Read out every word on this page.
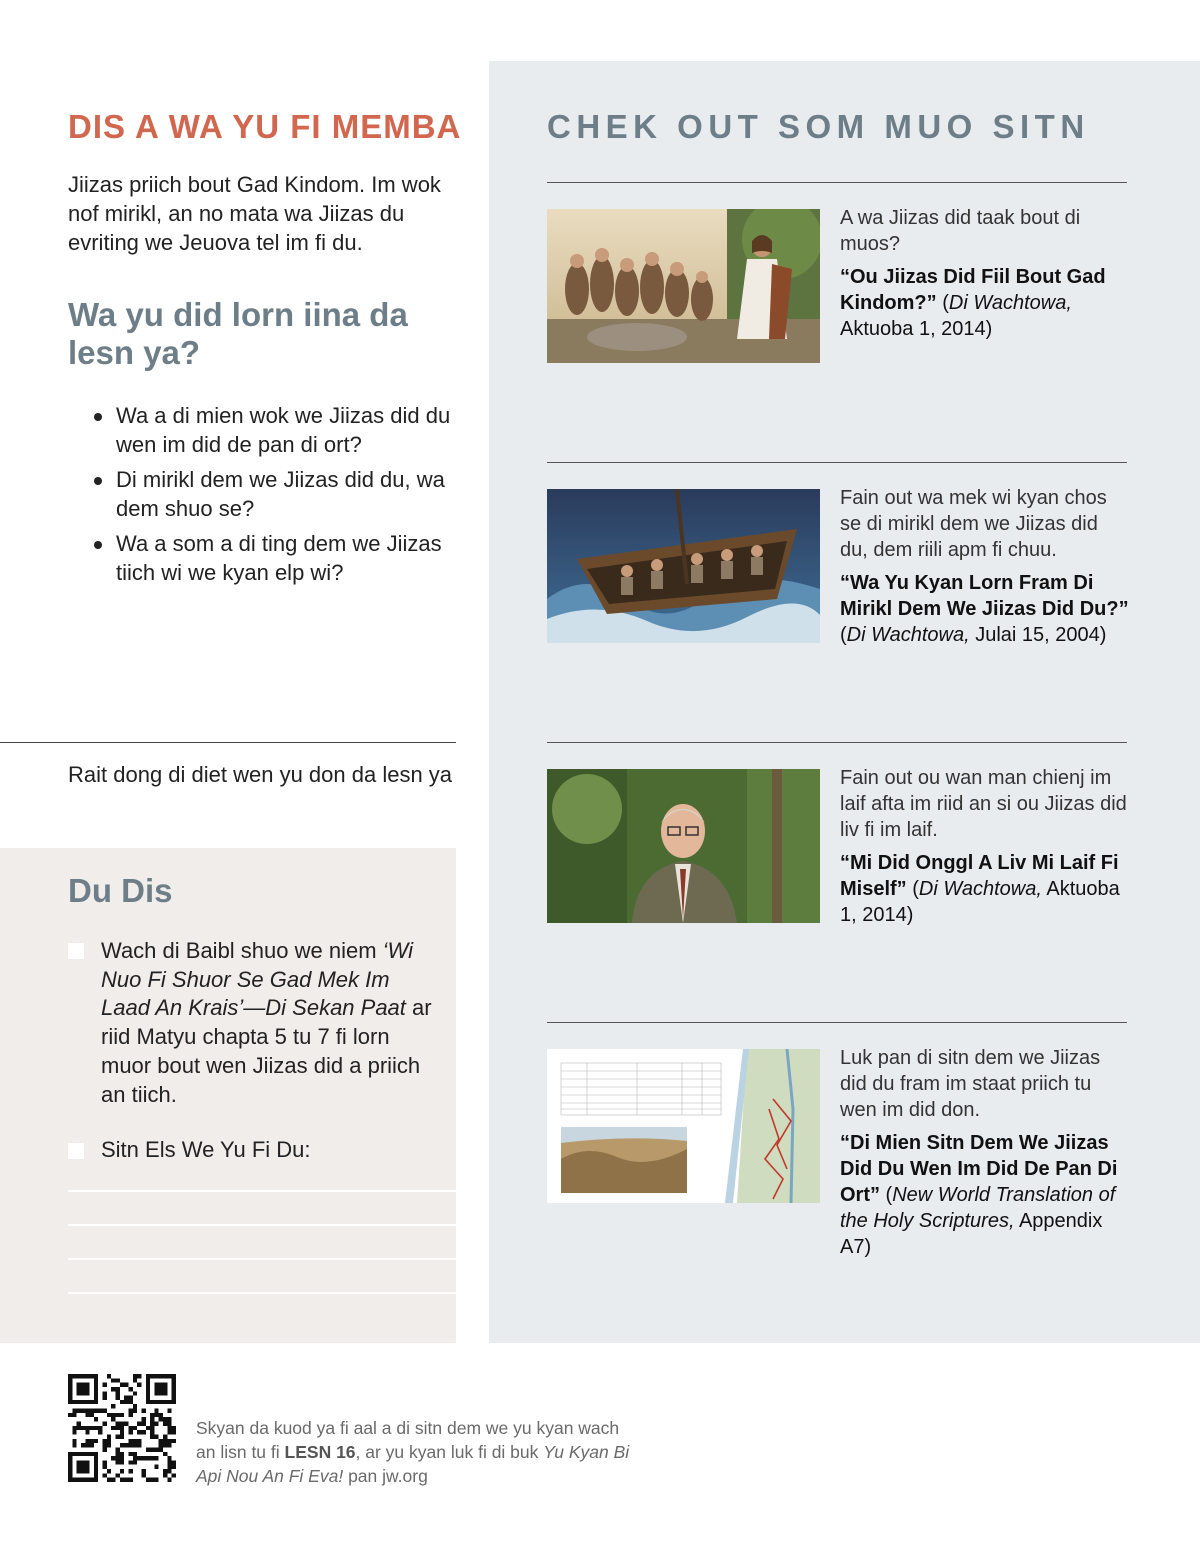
DIS A WA YU FI MEMBA

Jiizas priich bout Gad Kindom. Im wok nof mirikl, an no mata wa Jiizas du evriting we Jeuova tel im fi du.

Wa yu did lorn iina da lesn ya?
Wa a di mien wok we Jiizas did du wen im did de pan di ort?
Di mirikl dem we Jiizas did du, wa dem shuo se?
Wa a som a di ting dem we Jiizas tiich wi we kyan elp wi?

Rait dong di diet wen yu don da lesn ya

Du Dis

Wach di Baibl shuo we niem ‘Wi Nuo Fi Shuor Se Gad Mek Im Laad An Krais’—Di Sekan Paat ar riid Matyu chapta 5 tu 7 fi lorn muor bout wen Jiizas did a priich an tiich.

Sitn Els We Yu Fi Du:

CHEK OUT SOM MUO SITN

A wa Jiizas did taak bout di muos?

“Ou Jiizas Did Fiil Bout Gad Kindom?” (Di Wachtowa, Aktuoba 1, 2014)

Fain out wa mek wi kyan chos se di mirikl dem we Jiizas did du, dem riili apm fi chuu.

“Wa Yu Kyan Lorn Fram Di Mirikl Dem We Jiizas Did Du?” (Di Wachtowa, Julai 15, 2004)

Fain out ou wan man chienj im laif afta im riid an si ou Jiizas did liv fi im laif.

“Mi Did Onggl A Liv Mi Laif Fi Miself” (Di Wachtowa, Aktuoba 1, 2014)

Luk pan di sitn dem we Jiizas did du fram im staat priich tu wen im did don.

“Di Mien Sitn Dem We Jiizas Did Du Wen Im Did De Pan Di Ort” (New World Translation of the Holy Scriptures, Appendix A7)

Skyan da kuod ya fi aal a di sitn dem we yu kyan wach an lisn tu fi LESN 16, ar yu kyan luk fi di buk Yu Kyan Bi Api Nou An Fi Eva! pan jw.org
